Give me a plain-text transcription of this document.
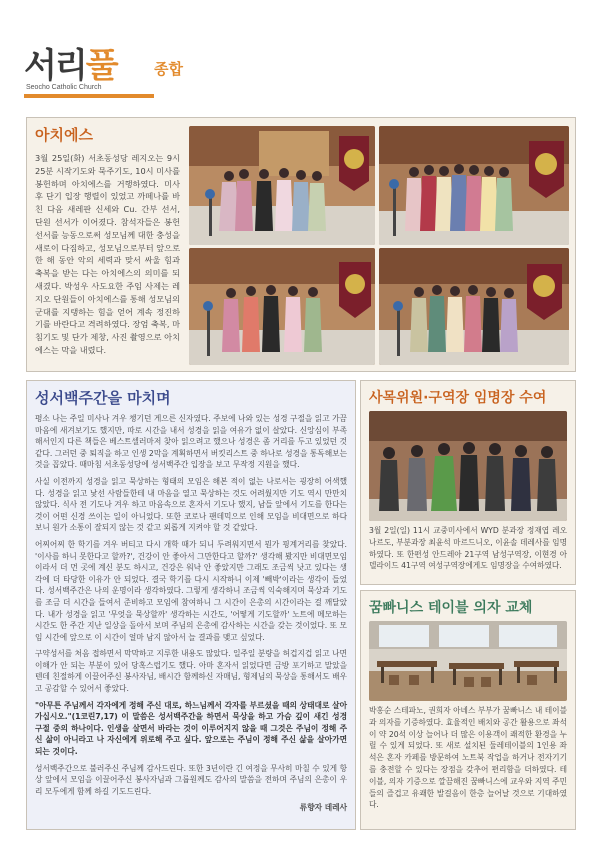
서리풀
Seocho Catholic Church
종합
아치에스
3월 25일(화) 서초동성당 레지오는 9시 25분 시작기도와 묵주기도, 10시 미사를 봉헌하며 아치에스를 거행하였다. 미사 후 단기 입장 행렬이 있었고 까떼나를 바친 다음 새레판 신세와 Cu. 간부 선서, 단원 선서가 이어졌다. 참석자들은 봉헌 선서를 능동으로써 성모님께 대한 충성을 새로이 다짐하고, 성모님으로부터 앞으로 한 해 동안 악의 세력과 맞서 싸울 힘과 축복을 받는 다는 아치에스의 의미를 되새겼다. 박성우 사도요한 주임 사제는 레지오 단원들이 아치에스를 통해 성모님의 군대를 지탱하는 힘을 얻어 계속 정진하기를 바란다고 격려하였다. 장엄 축복, 마침기도 및 단가 제창, 사진 촬영으로 아치에스는 막을 내렸다.
성서백주간을 마치며

평소 나는 주일 미사나 겨우 챙기던 게으른 신자였다. 주보에 나와 있는 성경 구절을 읽고 가끔 마음에 새겨보기도 했지만, 따로 시간을 내서 성경을 읽을 여유가 없이 살았다. 신앙심이 부족해서인지 다른 책들은 베스트셀러마저 찾아 읽으려고 했으나 성경은 좀 거리를 두고 있었던 것 같다. 그러던 중 퇴직을 하고 인생 2막을 계획하면서 버킷리스트 중 하나로 성경을 통독해보는 것을 꼽았다. 때마침 서초동성당에 성서백주간 입장을 보고 무작정 지원을 했다.

사실 이전까지 성경을 읽고 묵상하는 형태의 모임은 해본 적이 없는 나로서는 굉장히 어색했다. 성경을 읽고 낯선 사람들한테 내 마음을 열고 묵상하는 것도 어려웠지만 기도 역시 만만치 않았다. 식사 전 기도나 겨우 하고 마음속으로 혼자서 기도나 했지, 남들 앞에서 기도를 한다는 것이 어떤 신경 쓰이는 일이 아니었다. 또한 코로나 팬데믹으로 인해 모임을 비대면으로 하다 보니 원가 소통이 잘되지 않는 것 같고 외롭게 지켜야 할 것 같았다.

어찌어찌 한 학기를 겨우 버티고 다시 개학 때가 되니 두려워지면서 뭔가 핑계거리를 찾았다. '이사를 하니 못한다고 할까?', 건강이 안 좋아서 그만한다고 할까?' 생각해 봤지만 비대면모임이라서 더 먼 곳에 계신 분도 하시고, 건강은 워낙 안 좋았지만 그래도 조금씩 낫고 있다는 생각에 더 타당한 이유가 안 되었다. 결국 학기를 다시 시작하니 이제 '빼박'이라는 생각이 들었다. 성서백주간은 나의 운명이라 생각하였다. 그렇게 생각하니 조금씩 익숙해지며 묵상과 기도를 조금 더 시간을 들여서 준비하고 모임에 참여하니 그 시간이 은총의 시간이라는 걸 깨달았다. 내가 성경을 읽고 '무엇을 묵상할까' 생각하는 시간도, '어떻게 기도할까' 노트에 메모하는 시간도 한 주간 지난 일상을 돌아서 보며 주님의 은총에 감사하는 시간을 갖는 것이었다. 또 모임 시간에 앞으로 이 시간이 얼마 남지 않아서 늘 결과를 맺고 싶었다.

구약성서를 처음 접하면서 막막하고 지루한 내용도 많았다. 일주일 분량을 허겁지겁 읽고 나면 이해가 안 되는 부분이 있어 당혹스럽기도 했다. 아마 혼자서 읽었다면 금방 포기하고 말았을 텐데 친절하게 이끌어주신 봉사자님, 배시간 함께하신 자매님, 형제님의 묵상을 통해서도 배우고 공감할 수 있어서 좋았다.

"아무튼 주님께서 각자에게 정해 주신 대로, 하느님께서 각자를 부르셨을 때의 상태대로 살아가십시오."(1코린7,17) 이 말씀은 성서백주간을 하면서 묵상을 하고 가슴 깊이 새긴 성경 구절 중의 하나이다. 인생을 살면서 바라는 것이 이루어지지 않을 때 그것은 주님이 정해 주신 삶이 아니라고 나 자신에게 위로해 주고 싶다. 앞으로는 주님이 정해 주신 삶을 살아가면 되는 것이다.

성서백주간으로 불러주신 주님께 감사드린다. 또한 3년이란 긴 여정을 무사히 마칠 수 있게 항상 앞에서 모임을 이끌어주신 봉사자님과 그룹원께도 감사의 말씀을 전하며 주님의 은총이 우리 모두에게 함께 하길 기도드린다.

류향자 데레사

사목위원·구역장 임명장 수여
3월 2일(일) 11시 교중미사에서 WYD 분과장 정재엽 레오나르도, 부분과장 최윤석 마르드니오, 이윤솔 데레사를 임명하였다. 또 한편성 안드레아 21구역 남성구역장, 이현경 아델라이드 41구역 여성구역장에게도 임명장을 수여하였다.
꿈빠니스 테이블 의자 교체
박홍순 스테파노, 권희자 아녜스 부부가 꿈빠니스 내 테이블과 의자를 기증하였다. 효율적인 배치와 공간 활용으로 좌석이 약 20석 이상 늘어나 더 많은 이용객이 쾌적한 환경을 누릴 수 있게 되었다. 또 새로 설치된 둘레테이블의 1인용 좌석은 혼자 카페를 방문하여 노트북 작업을 하거나 전자기기를 충전할 수 있다는 장점을 갖추어 편리함을 더하였다. 테이블, 의자 기증으로 깔끔해진 꿈빠니스에 교우와 지역 주민들의 즐겁고 유쾌한 발걸음이 한층 늘어날 것으로 기대하였다.
